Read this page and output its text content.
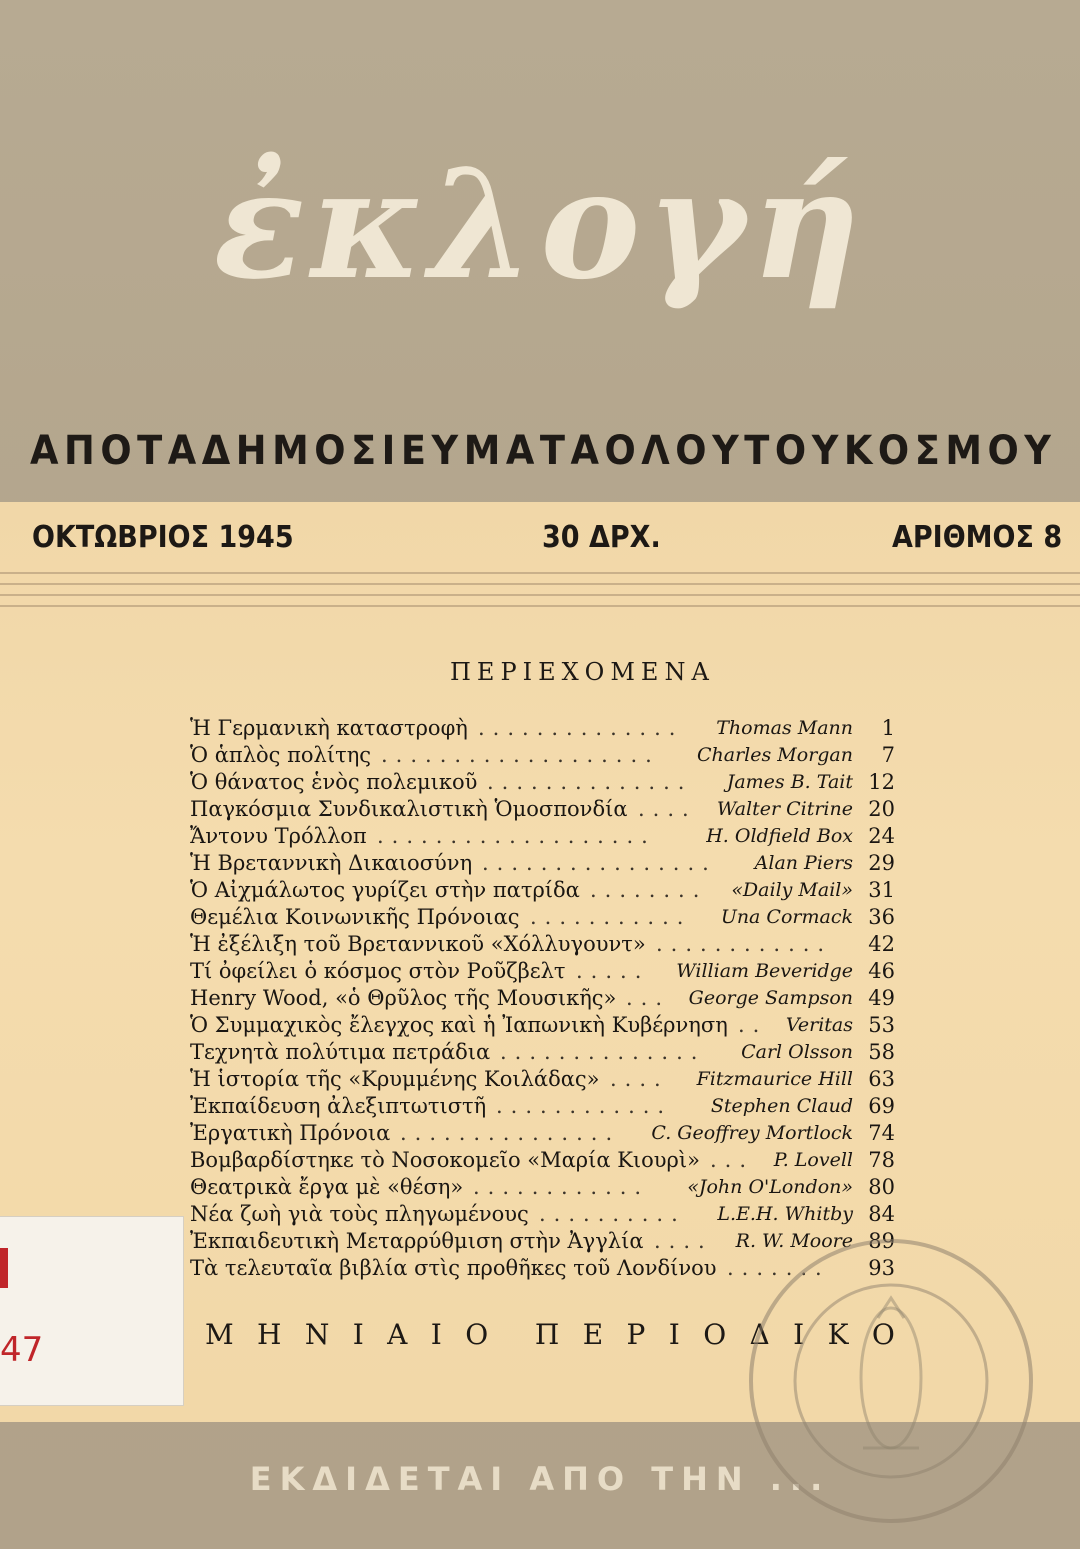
ἐκλογή
ΑΠΟ ΤΑ ΔΗΜΟΣΙΕΥΜΑΤΑ ΟΛΟΥ ΤΟΥ ΚΟΣΜΟΥ
ΟΚΤΩΒΡΙΟΣ 1945	30 ΔΡΧ.	ΑΡΙΘΜΟΣ 8
ΠΕΡΙΕΧΟΜΕΝΑ
Ἡ Γερμανικὴ καταστροφὴ	Thomas Mann	1
..............
Ὁ ἁπλὸς πολίτης	Charles Morgan	7
...................
Ὁ θάνατος ἑνὸς πολεμικοῦ	James B. Tait 12
..............
Παγκόσμια Συνδικαλιστικὴ Ὁμοσπονδία	Walter Citrine 20
....
Ἄντονυ Τρόλλοπ	H. Oldfield Box 24
...................
Ἡ Βρεταννικὴ Δικαιοσύνη	Alan Piers 29
................
Ὁ Αἰχμάλωτος γυρίζει στὴν πατρίδα	«Daily Mail» 31
........
Θεμέλια Κοινωνικῆς Πρόνοιας	Una Cormack 36
...........
Ἡ ἐξέλιξη τοῦ Βρεταννικοῦ «Χόλλυγουντ»	42
............
Τί ὀφείλει ὁ κόσμος στὸν Ροῦζβελτ	William Beveridge 46
.....
Henry Wood, «ὁ Θρῦλος τῆς Μουσικῆς»	George Sampson 49
...
Ὁ Συμμαχικὸς ἔλεγχος καὶ ἡ Ἰαπωνικὴ Κυβέρνηση	Veritas 53
..
Τεχνητὰ πολύτιμα πετράδια	Carl Olsson 58
..............
Ἡ ἱστορία τῆς «Κρυμμένης Κοιλάδας»	Fitzmaurice Hill 63
....
Ἐκπαίδευση ἀλεξιπτωτιστῆ	Stephen Claud 69
............
Ἐργατικὴ Πρόνοια	C. Geoffrey Mortlock 74
...............
Βομβαρδίστηκε τὸ Νοσοκομεῖο «Μαρία Κιουρὶ»	P. Lovell 78
...
Θεατρικὰ ἔργα μὲ «θέση»	«John O'London» 80
............
Νέα ζωὴ γιὰ τοὺς πληγωμένους	L.E.H. Whitby 84
..........
Ἐκπαιδευτικὴ Μεταρρύθμιση στὴν Ἀγγλία	R. W. Moore 89
....
Τὰ τελευταῖα βιβλία στὶς προθῆκες τοῦ Λονδίνου	93
.......
Μ Η Ν Ι Α Ι Ο Π Ε Ρ Ι Ο Δ Ι Κ Ο
ΕΚΔΙΔΕΤΑΙ ΑΠΟ ΤΗΝ ...
47
